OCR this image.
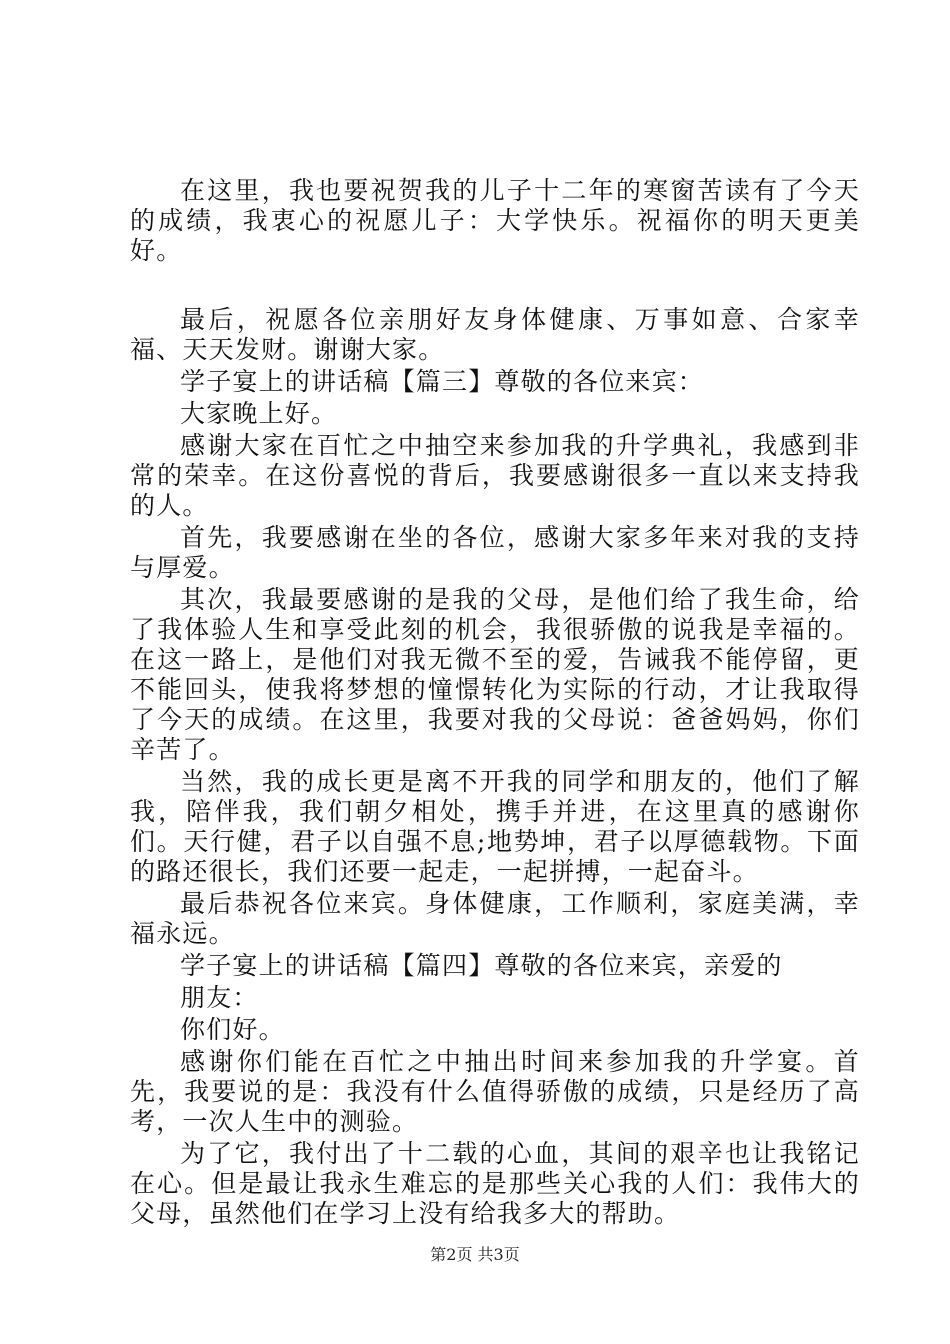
在这里，我也要祝贺我的儿子十二年的寒窗苦读有了今天的成绩，我衷心的祝愿儿子：大学快乐。祝福你的明天更美好。

最后，祝愿各位亲朋好友身体健康、万事如意、合家幸福、天天发财。谢谢大家。

学子宴上的讲话稿【篇三】尊敬的各位来宾：

大家晚上好。

感谢大家在百忙之中抽空来参加我的升学典礼，我感到非常的荣幸。在这份喜悦的背后，我要感谢很多一直以来支持我的人。

首先，我要感谢在坐的各位，感谢大家多年来对我的支持与厚爱。

其次，我最要感谢的是我的父母，是他们给了我生命，给了我体验人生和享受此刻的机会，我很骄傲的说我是幸福的。在这一路上，是他们对我无微不至的爱，告诫我不能停留，更不能回头，使我将梦想的憧憬转化为实际的行动，才让我取得了今天的成绩。在这里，我要对我的父母说：爸爸妈妈，你们辛苦了。

当然，我的成长更是离不开我的同学和朋友的，他们了解我，陪伴我，我们朝夕相处，携手并进，在这里真的感谢你们。天行健，君子以自强不息;地势坤，君子以厚德载物。下面的路还很长，我们还要一起走，一起拼搏，一起奋斗。

最后恭祝各位来宾。身体健康，工作顺利，家庭美满，幸福永远。

学子宴上的讲话稿【篇四】尊敬的各位来宾，亲爱的

朋友：

你们好。

感谢你们能在百忙之中抽出时间来参加我的升学宴。首先，我要说的是：我没有什么值得骄傲的成绩，只是经历了高考，一次人生中的测验。

为了它，我付出了十二载的心血，其间的艰辛也让我铭记在心。但是最让我永生难忘的是那些关心我的人们：我伟大的父母，虽然他们在学习上没有给我多大的帮助。

第2页 共3页
